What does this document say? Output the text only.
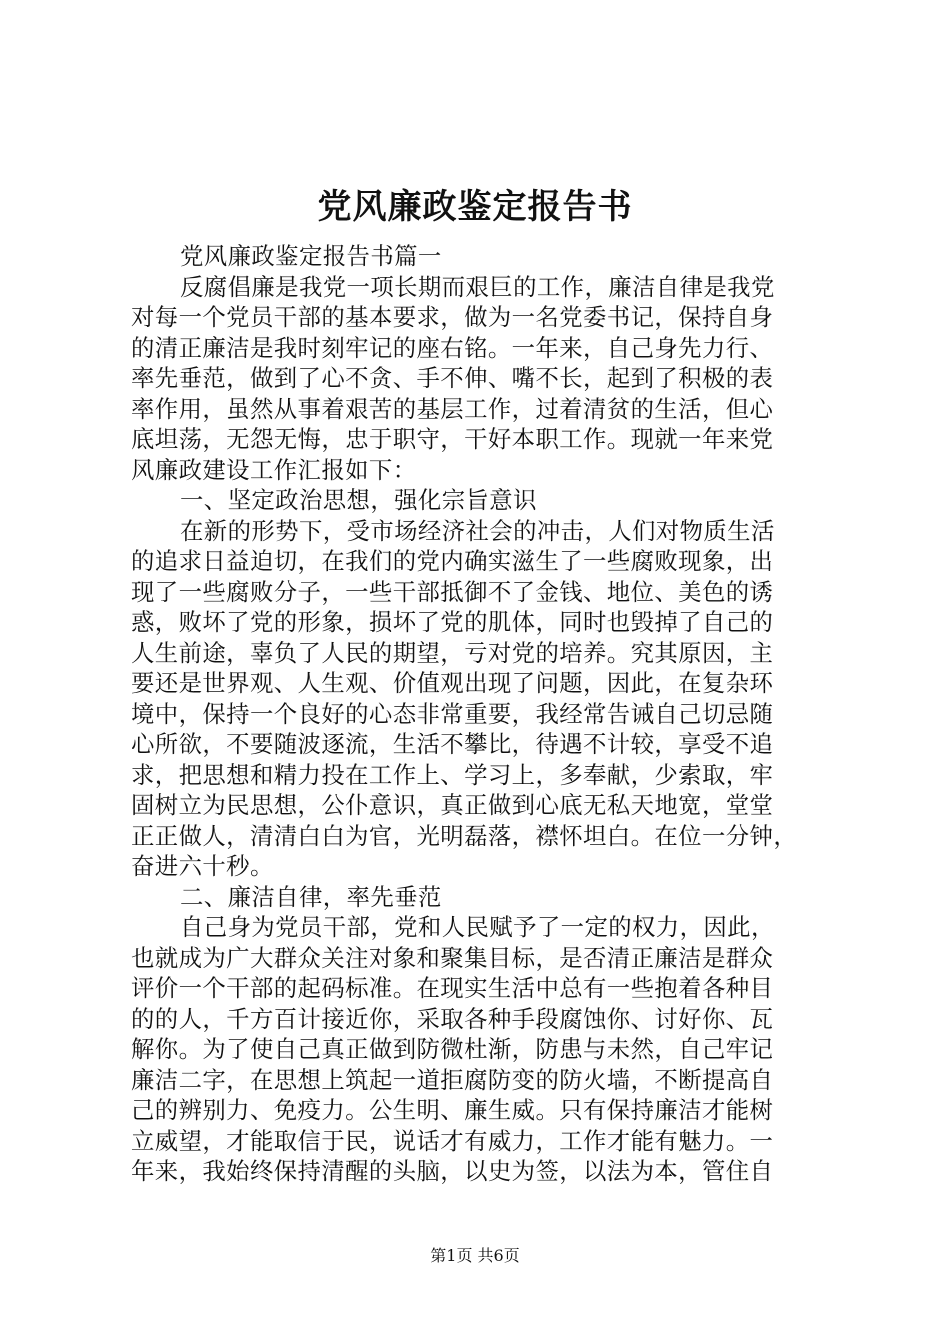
党风廉政鉴定报告书
党风廉政鉴定报告书篇一
反腐倡廉是我党一项长期而艰巨的工作，廉洁自律是我党
对每一个党员干部的基本要求，做为一名党委书记，保持自身
的清正廉洁是我时刻牢记的座右铭。一年来，自己身先力行、
率先垂范，做到了心不贪、手不伸、嘴不长，起到了积极的表
率作用，虽然从事着艰苦的基层工作，过着清贫的生活，但心
底坦荡，无怨无悔，忠于职守，干好本职工作。现就一年来党
风廉政建设工作汇报如下：
一、坚定政治思想，强化宗旨意识
在新的形势下，受市场经济社会的冲击，人们对物质生活
的追求日益迫切，在我们的党内确实滋生了一些腐败现象，出
现了一些腐败分子，一些干部抵御不了金钱、地位、美色的诱
惑，败坏了党的形象，损坏了党的肌体，同时也毁掉了自己的
人生前途，辜负了人民的期望，亏对党的培养。究其原因，主
要还是世界观、人生观、价值观出现了问题，因此，在复杂环
境中，保持一个良好的心态非常重要，我经常告诫自己切忌随
心所欲，不要随波逐流，生活不攀比，待遇不计较，享受不追
求，把思想和精力投在工作上、学习上，多奉献，少索取，牢
固树立为民思想，公仆意识，真正做到心底无私天地宽，堂堂
正正做人，清清白白为官，光明磊落，襟怀坦白。在位一分钟，
奋进六十秒。
二、廉洁自律，率先垂范
自己身为党员干部，党和人民赋予了一定的权力，因此，
也就成为广大群众关注对象和聚集目标，是否清正廉洁是群众
评价一个干部的起码标准。在现实生活中总有一些抱着各种目
的的人，千方百计接近你，采取各种手段腐蚀你、讨好你、瓦
解你。为了使自己真正做到防微杜渐，防患与未然，自己牢记
廉洁二字，在思想上筑起一道拒腐防变的防火墙，不断提高自
己的辨别力、免疫力。公生明、廉生威。只有保持廉洁才能树
立威望，才能取信于民，说话才有威力，工作才能有魅力。一
年来，我始终保持清醒的头脑，以史为签，以法为本，管住自
第1页 共6页
